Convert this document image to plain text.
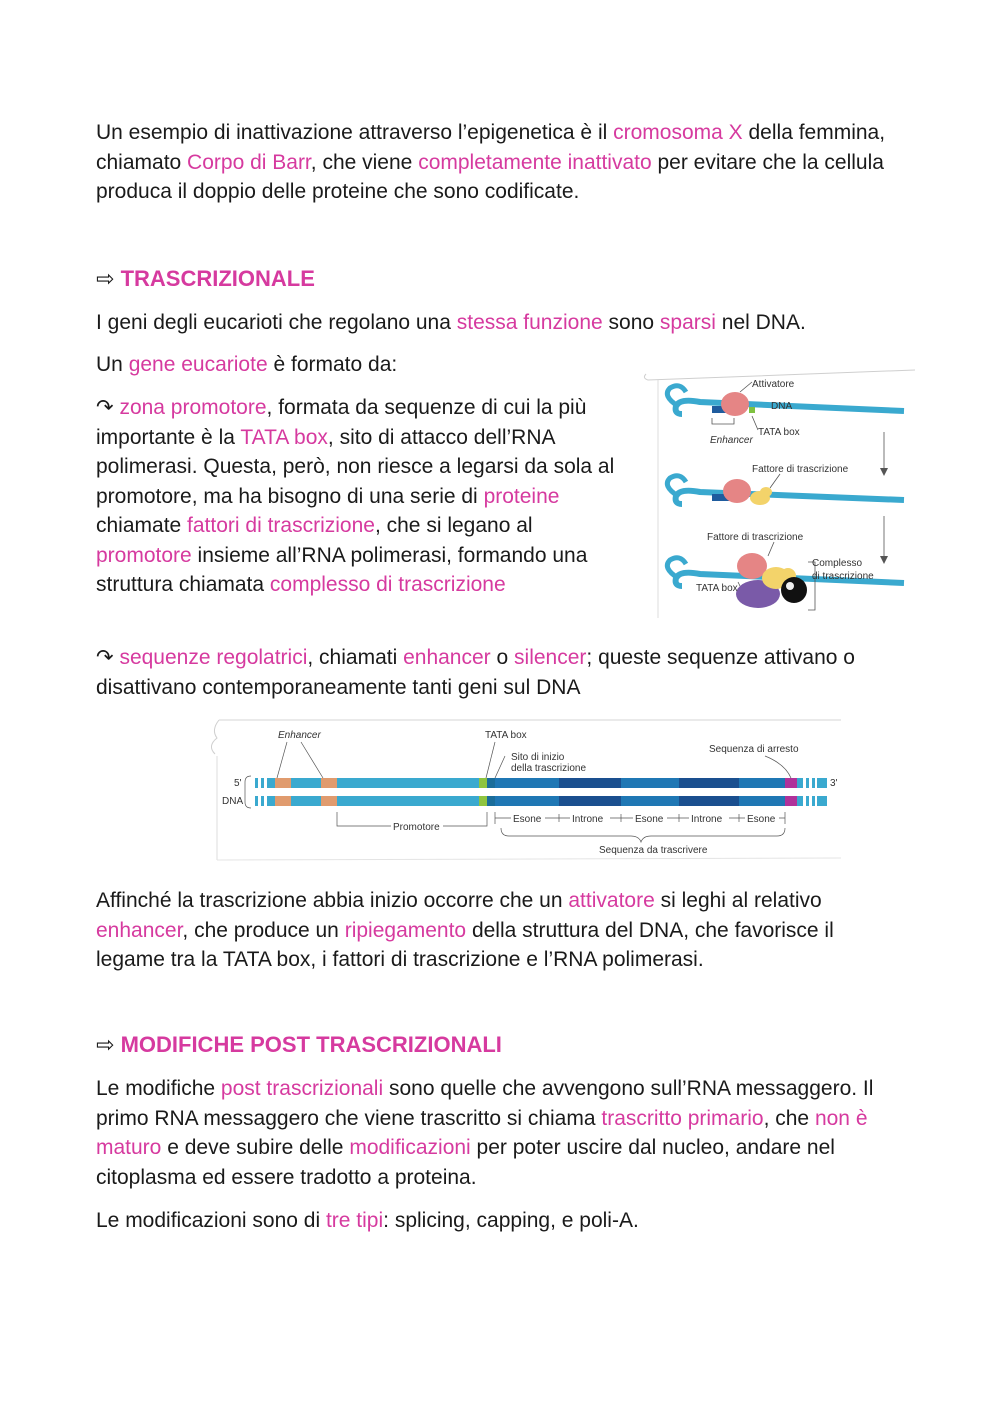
Un esempio di inattivazione attraverso l’epigenetica è il cromosoma X della femmina, chiamato Corpo di Barr, che viene completamente inattivato per evitare che la cellula produca il doppio delle proteine che sono codificate.

⇨ TRASCRIZIONALE

I geni degli eucarioti che regolano una stessa funzione sono sparsi nel DNA.

Un gene eucariote è formato da:

↷ zona promotore, formata da sequenze di cui la più importante è la TATA box, sito di attacco dell’RNA polimerasi. Questa, però, non riesce a legarsi da sola al promotore, ma ha bisogno di una serie di proteine chiamate fattori di trascrizione, che si legano al promotore insieme all’RNA polimerasi, formando una struttura chiamata complesso di trascrizione

Attivatore
DNA
TATA box
Enhancer
Fattore di trascrizione
Fattore di trascrizione
Complesso
di trascrizione
TATA box

↷ sequenze regolatrici, chiamati enhancer o silencer; queste sequenze attivano o disattivano contemporaneamente tanti geni sul DNA

Enhancer	TATA box
Sito di inizio
della trascrizione
Sequenza di arresto
5'
DNA
3'
Promotore
Esone	Introne	Esone	Introne Esone
Sequenza da trascrivere

Affinché la trascrizione abbia inizio occorre che un attivatore si leghi al relativo enhancer, che produce un ripiegamento della struttura del DNA, che favorisce il legame tra la TATA box, i fattori di trascrizione e l’RNA polimerasi.

⇨ MODIFICHE POST TRASCRIZIONALI

Le modifiche post trascrizionali sono quelle che avvengono sull’RNA messaggero. Il primo RNA messaggero che viene trascritto si chiama trascritto primario, che non è maturo e deve subire delle modificazioni per poter uscire dal nucleo, andare nel citoplasma ed essere tradotto a proteina.

Le modificazioni sono di tre tipi: splicing, capping, e poli-A.
